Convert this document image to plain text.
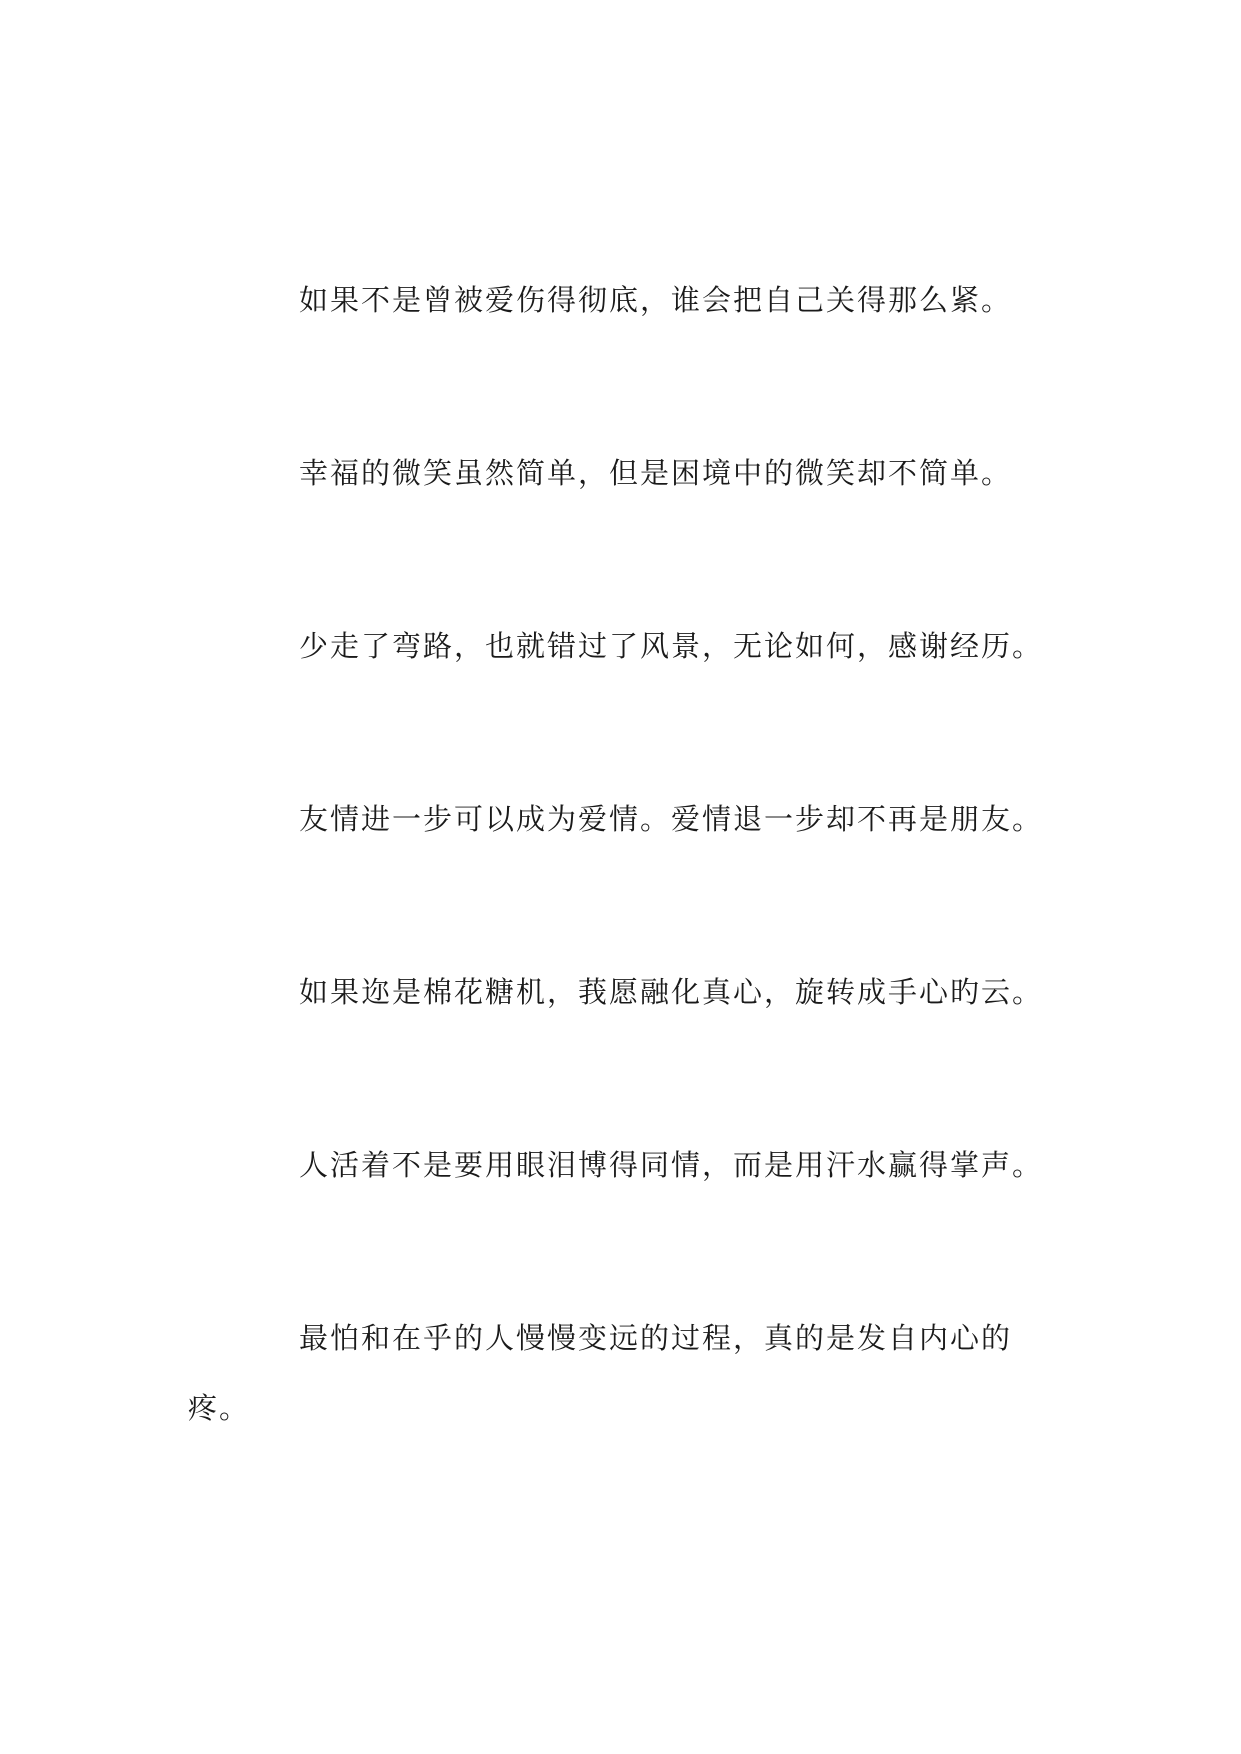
如果不是曾被爱伤得彻底，谁会把自己关得那么紧。

幸福的微笑虽然简单，但是困境中的微笑却不简单。

少走了弯路，也就错过了风景，无论如何，感谢经历。

友情进一步可以成为爱情。爱情退一步却不再是朋友。

如果迩是棉花糖机，莪愿融化真心，旋转成手心旳云。

人活着不是要用眼泪博得同情，而是用汗水赢得掌声。

最怕和在乎的人慢慢变远的过程，真的是发自内心的疼。
